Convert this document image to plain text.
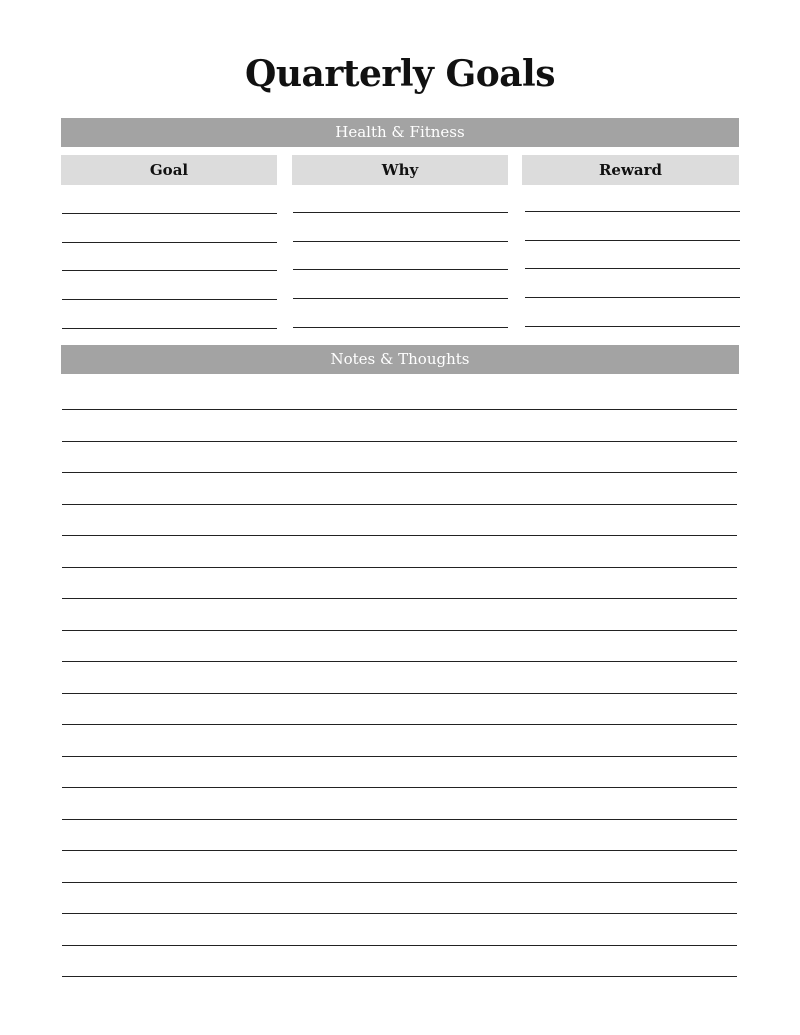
Quarterly Goals
Health & Fitness
Goal	Why	Reward
Notes & Thoughts
